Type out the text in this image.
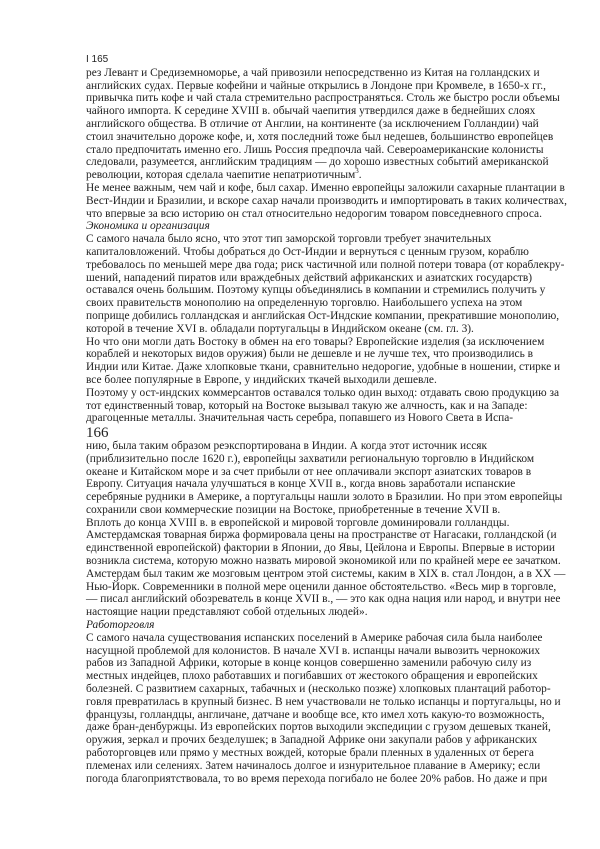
I 165
рез Левант и Средиземноморье, а чай привозили непосредственно из Китая на голландских и
английских судах. Первые кофейни и чайные открылись в Лондоне при Кромвеле, в 1650-х гг.,
привычка пить кофе и чай стала стремительно распространяться. Столь же быстро росли объемы
чайного импорта. К середине XVIII в. обычай чаепития утвердился даже в беднейших слоях
английского общества. В отличие от Англии, на континенте (за исключением Голландии) чай
стоил значительно дороже кофе, и, хотя последний тоже был недешев, большинство европейцев
стало предпочитать именно его. Лишь Россия предпочла чай. Североамериканские колонисты
следовали, разумеется, английским традициям — до хорошо известных событий американской
революции, которая сделала чаепитие непатриотичным$^3$.
Не менее важным, чем чай и кофе, был сахар. Именно европейцы заложили сахарные плантации в
Вест-Индии и Бразилии, и вскоре сахар начали производить и импортировать в таких количествах,
что впервые за всю историю он стал относительно недорогим товаром повседневного спроса.
Экономика и организация
С самого начала было ясно, что этот тип заморской торговли требует значительных
капиталовложений. Чтобы добраться до Ост-Индии и вернуться с ценным грузом, кораблю
требовалось по меньшей мере два года; риск частичной или полной потери товара (от кораблекру-
шений, нападений пиратов или враждебных действий африканских и азиатских государств)
оставался очень большим. Поэтому купцы объединялись в компании и стремились получить у
своих правительств монополию на определенную торговлю. Наибольшего успеха на этом
поприще добились голландская и английская Ост-Индские компании, прекратившие монополию,
которой в течение XVI в. обладали португальцы в Индийском океане (см. гл. 3).
Но что они могли дать Востоку в обмен на его товары? Европейские изделия (за исключением
кораблей и некоторых видов оружия) были не дешевле и не лучше тех, что производились в
Индии или Китае. Даже хлопковые ткани, сравнительно недорогие, удобные в ношении, стирке и
все более популярные в Европе, у индийских ткачей выходили дешевле.
Поэтому у ост-индских коммерсантов оставался только один выход: отдавать свою продукцию за
тот единственный товар, который на Востоке вызывал такую же алчность, как и на Западе:
драгоценные металлы. Значительная часть серебра, попавшего из Нового Света в Испа-
166
нию, была таким образом реэкспортирована в Индии. А когда этот источник иссяк
(приблизительно после 1620 г.), европейцы захватили региональную торговлю в Индийском
океане и Китайском море и за счет прибыли от нее оплачивали экспорт азиатских товаров в
Европу. Ситуация начала улучшаться в конце XVII в., когда вновь заработали испанские
серебряные рудники в Америке, а португальцы нашли золото в Бразилии. Но при этом европейцы
сохранили свои коммерческие позиции на Востоке, приобретенные в течение XVII в.
Вплоть до конца XVIII в. в европейской и мировой торговле доминировали голландцы.
Амстердамская товарная биржа формировала цены на пространстве от Нагасаки, голландской (и
единственной европейской) фактории в Японии, до Явы, Цейлона и Европы. Впервые в истории
возникла система, которую можно назвать мировой экономикой или по крайней мере ее зачатком.
Амстердам был таким же мозговым центром этой системы, каким в XIX в. стал Лондон, а в XX —
Нью-Йорк. Современники в полной мере оценили данное обстоятельство. «Весь мир в торговле,
— писал английский обозреватель в конце XVII в., — это как одна нация или народ, и внутри нее
настоящие нации представляют собой отдельных людей».
Работорговля
С самого начала существования испанских поселений в Америке рабочая сила была наиболее
насущной проблемой для колонистов. В начале XVI в. испанцы начали вывозить чернокожих
рабов из Западной Африки, которые в конце концов совершенно заменили рабочую силу из
местных индейцев, плохо работавших и погибавших от жестокого обращения и европейских
болезней. С развитием сахарных, табачных и (несколько позже) хлопковых плантаций работор-
говля превратилась в крупный бизнес. В нем участвовали не только испанцы и португальцы, но и
французы, голландцы, англичане, датчане и вообще все, кто имел хоть какую-то возможность,
даже бран-денбуржцы. Из европейских портов выходили экспедиции с грузом дешевых тканей,
оружия, зеркал и прочих безделушек; в Западной Африке они закупали рабов у африканских
работорговцев или прямо у местных вождей, которые брали пленных в удаленных от берега
племенах или селениях. Затем начиналось долгое и изнурительное плавание в Америку; если
погода благоприятствовала, то во время перехода погибало не более 20% рабов. Но даже и при
